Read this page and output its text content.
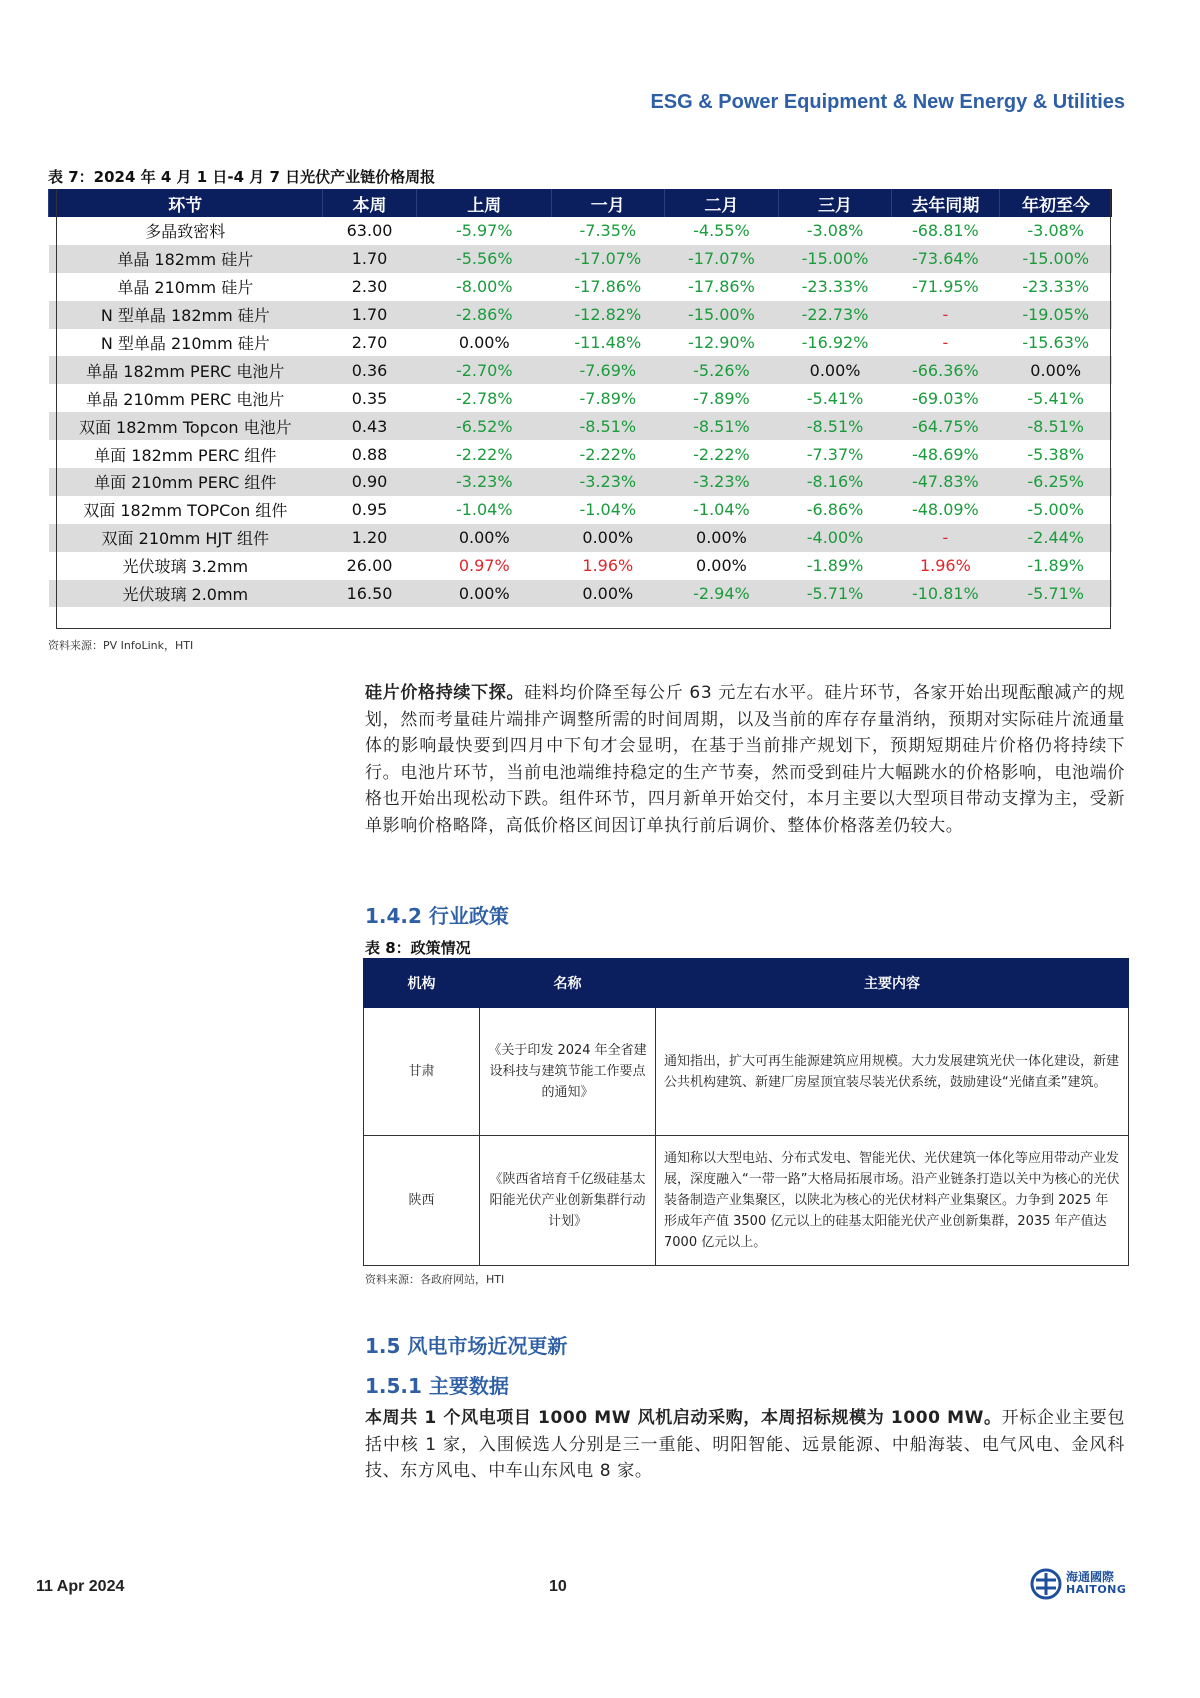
ESG & Power Equipment & New Energy & Utilities
表 7：2024 年 4 月 1 日-4 月 7 日光伏产业链价格周报
环节	本周	上周	一月	二月	三月	去年同期	年初至今
多晶致密料	63.00	-5.97%	-7.35%	-4.55%	-3.08%	-68.81%	-3.08%
单晶 182mm 硅片	1.70	-5.56%	-17.07%	-17.07%	-15.00%	-73.64%	-15.00%
单晶 210mm 硅片	2.30	-8.00%	-17.86%	-17.86%	-23.33%	-71.95%	-23.33%
N 型单晶 182mm 硅片	1.70	-2.86%	-12.82%	-15.00%	-22.73%	-	-19.05%
N 型单晶 210mm 硅片	2.70	0.00%	-11.48%	-12.90%	-16.92%	-	-15.63%
单晶 182mm PERC 电池片	0.36	-2.70%	-7.69%	-5.26%	0.00%	-66.36%	0.00%
单晶 210mm PERC 电池片	0.35	-2.78%	-7.89%	-7.89%	-5.41%	-69.03%	-5.41%
双面 182mm Topcon 电池片	0.43	-6.52%	-8.51%	-8.51%	-8.51%	-64.75%	-8.51%
单面 182mm PERC 组件	0.88	-2.22%	-2.22%	-2.22%	-7.37%	-48.69%	-5.38%
单面 210mm PERC 组件	0.90	-3.23%	-3.23%	-3.23%	-8.16%	-47.83%	-6.25%
双面 182mm TOPCon 组件	0.95	-1.04%	-1.04%	-1.04%	-6.86%	-48.09%	-5.00%
双面 210mm HJT 组件	1.20	0.00%	0.00%	0.00%	-4.00%	-	-2.44%
光伏玻璃 3.2mm	26.00	0.97%	1.96%	0.00%	-1.89%	1.96%	-1.89%
光伏玻璃 2.0mm	16.50	0.00%	0.00%	-2.94%	-5.71%	-10.81%	-5.71%
资料来源：PV InfoLink，HTI
硅片价格持续下探。硅料均价降至每公斤 63 元左右水平。硅片环节，各家开始出现酝酿减产的规划，然而考量硅片端排产调整所需的时间周期，以及当前的库存存量消纳，预期对实际硅片流通量体的影响最快要到四月中下旬才会显明，在基于当前排产规划下，预期短期硅片价格仍将持续下行。电池片环节，当前电池端维持稳定的生产节奏，然而受到硅片大幅跳水的价格影响，电池端价格也开始出现松动下跌。组件环节，四月新单开始交付，本月主要以大型项目带动支撑为主，受新单影响价格略降，高低价格区间因订单执行前后调价、整体价格落差仍较大。
1.4.2 行业政策
表 8：政策情况
机构	名称	主要内容
甘肃	《关于印发 2024 年全省建设科技与建筑节能工作要点的通知》	通知指出，扩大可再生能源建筑应用规模。大力发展建筑光伏一体化建设，新建公共机构建筑、新建厂房屋顶宜装尽装光伏系统，鼓励建设“光储直柔”建筑。
陕西	《陕西省培育千亿级硅基太阳能光伏产业创新集群行动计划》	通知称以大型电站、分布式发电、智能光伏、光伏建筑一体化等应用带动产业发展，深度融入“一带一路”大格局拓展市场。沿产业链条打造以关中为核心的光伏装备制造产业集聚区，以陕北为核心的光伏材料产业集聚区。力争到 2025 年形成年产值 3500 亿元以上的硅基太阳能光伏产业创新集群，2035 年产值达 7000 亿元以上。
资料来源：各政府网站，HTI
1.5 风电市场近况更新
1.5.1 主要数据
本周共 1 个风电项目 1000 MW 风机启动采购，本周招标规模为 1000 MW。开标企业主要包括中核 1 家，入围候选人分别是三一重能、明阳智能、远景能源、中船海装、电气风电、金风科技、东方风电、中车山东风电 8 家。
11 Apr 2024	10
海通國際
HAITONG
